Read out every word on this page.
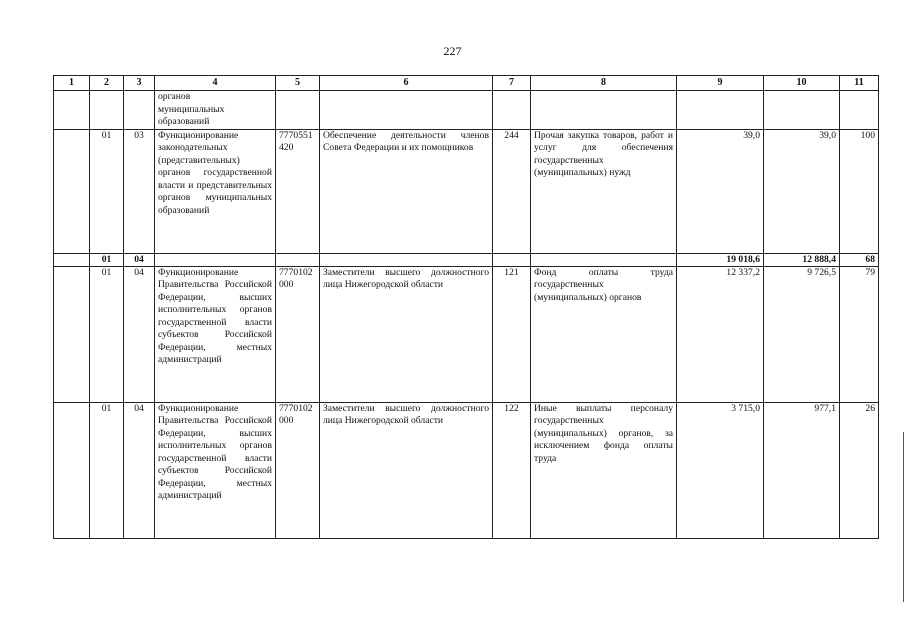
227
1	2	3	4	5	6	7	8	9	10	11
			органов муниципальных образований							
	01	03	Функционирование законодательных (представительных) органов государственной власти и представительных органов муниципальных образований	7770551420	Обеспечение деятельности членов Совета Федерации и их помощников	244	Прочая закупка товаров, работ и услуг для обеспечения государственных (муниципальных) нужд	39,0	39,0	100
	01	04						19 018,6	12 888,4	68
	01	04	Функционирование Правительства Российской Федерации, высших исполнительных органов государственной власти субъектов Российской Федерации, местных администраций	7770102000	Заместители высшего должностного лица Нижегородской области	121	Фонд оплаты труда государственных (муниципальных) органов	12 337,2	9 726,5	79
	01	04	Функционирование Правительства Российской Федерации, высших исполнительных органов государственной власти субъектов Российской Федерации, местных администраций	7770102000	Заместители высшего должностного лица Нижегородской области	122	Иные выплаты персоналу государственных (муниципальных) органов, за исключением фонда оплаты труда	3 715,0	977,1	26
